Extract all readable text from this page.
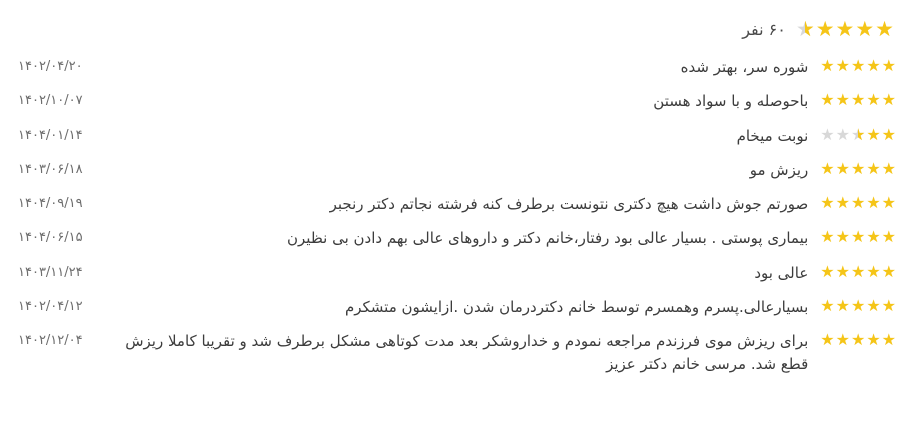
★
★
★
★
★ ★
۶۰ نفر
★
★
★
★
★
شوره سر، بهتر شده
۱۴۰۲/۰۴/۲۰
★
★
★
★
★
باحوصله و با سواد هستن
۱۴۰۲/۱۰/۰۷
★
★
★ ★
★
★
نوبت میخام
۱۴۰۴/۰۱/۱۴
★
★
★
★
★
ریزش مو
۱۴۰۳/۰۶/۱۸
★
★
★
★
★
صورتم جوش داشت هیچ دکتری نتونست برطرف کنه فرشته نجاتم دکتر رنجبر
۱۴۰۴/۰۹/۱۹
★
★
★
★
★
بیماری پوستی . بسیار عالی بود رفتار،خانم دکتر و داروهای عالی بهم دادن بی نظیرن
۱۴۰۴/۰۶/۱۵
★
★
★
★
★
عالی بود
۱۴۰۳/۱۱/۲۴
★
★
★
★
★
بسیارعالی.پسرم وهمسرم توسط خانم دکتردرمان شدن .ازایشون متشکرم
۱۴۰۲/۰۴/۱۲
★
★
★
★
★
برای ریزش موی فرزندم مراجعه نمودم و خداروشکر بعد مدت کوتاهی مشکل برطرف شد و تقریبا کاملا ریزش قطع شد. مرسی خانم دکتر عزیز
۱۴۰۲/۱۲/۰۴
